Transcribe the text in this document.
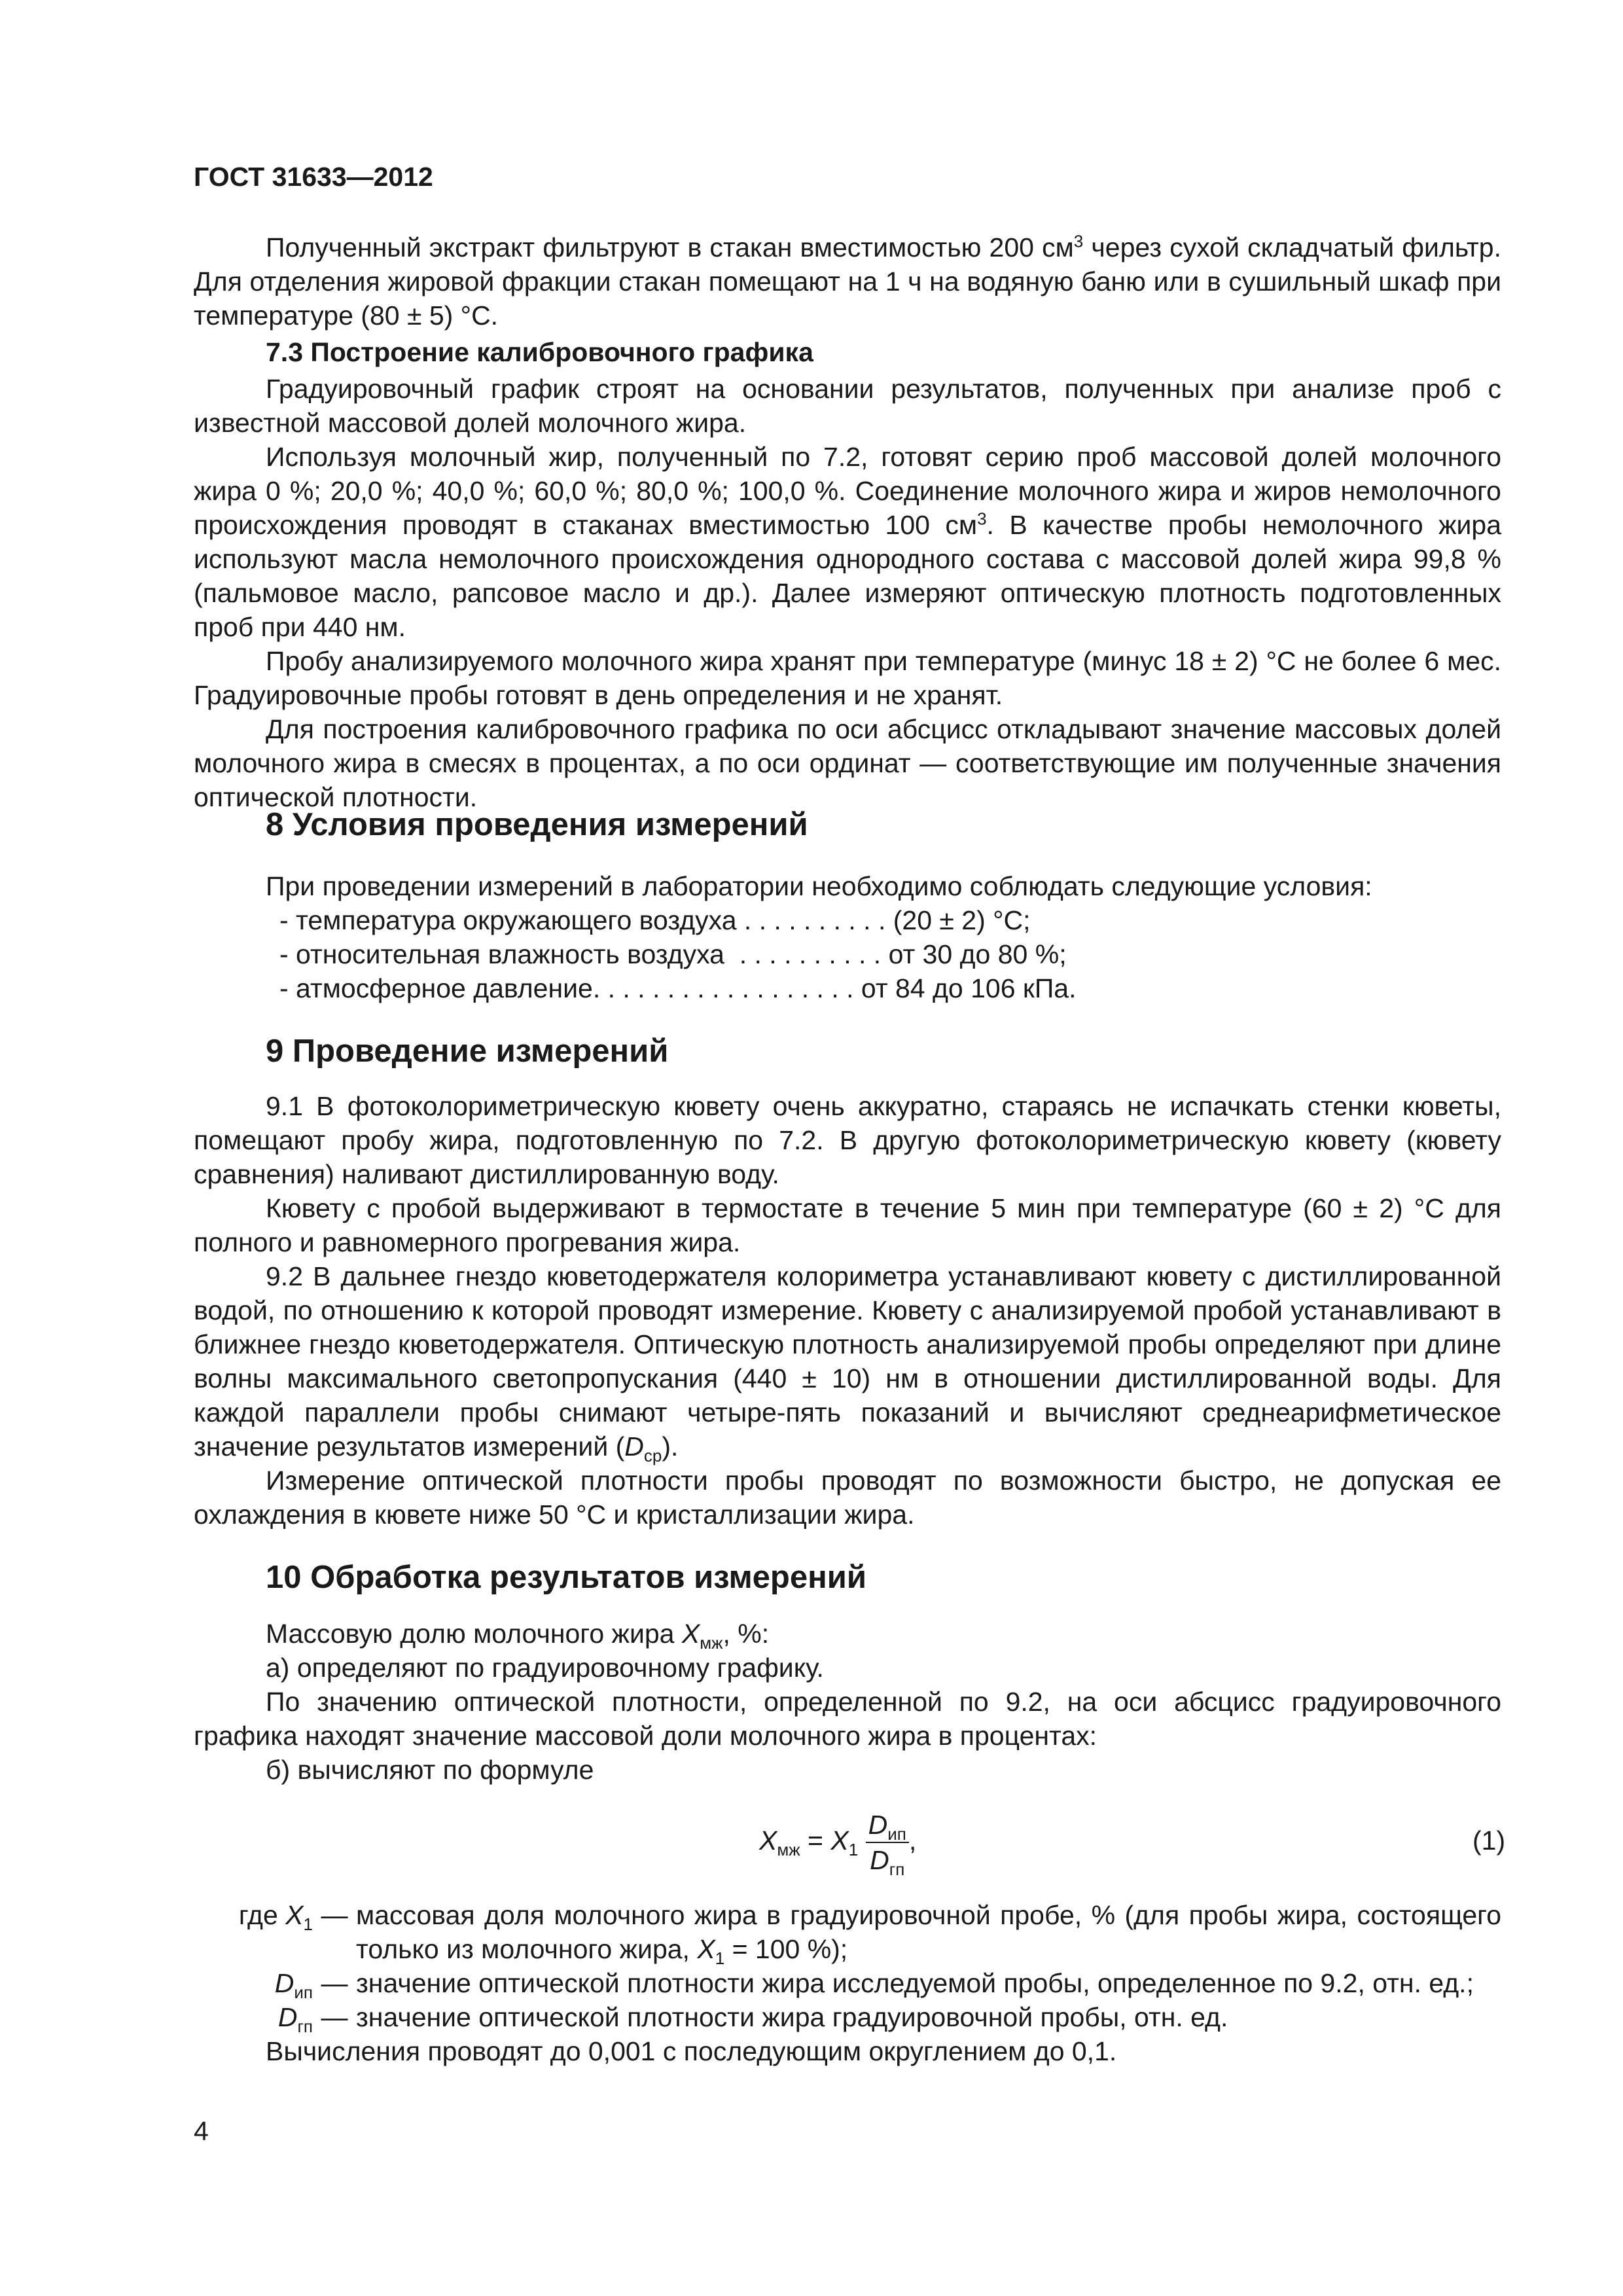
ГОСТ 31633—2012

Полученный экстракт фильтруют в стакан вместимостью 200 $см^3$ через сухой складчатый фильтр. Для отделения жировой фракции стакан помещают на 1 ч на водяную баню или в сушильный шкаф при температуре (80 ± 5) °С.

7.3 Построение калибровочного графика

Градуировочный график строят на основании результатов, полученных при анализе проб с известной массовой долей молочного жира.

Используя молочный жир, полученный по 7.2, готовят серию проб массовой долей молочного жира 0 %; 20,0 %; 40,0 %; 60,0 %; 80,0 %; 100,0 %. Соединение молочного жира и жиров немолочного происхождения проводят в стаканах вместимостью 100 $см^3$. В качестве пробы немолочного жира используют масла немолочного происхождения однородного состава с массовой долей жира 99,8 % (пальмовое масло, рапсовое масло и др.). Далее измеряют оптическую плотность подготовленных проб при 440 нм.

Пробу анализируемого молочного жира хранят при температуре (минус 18 ± 2) °С не более 6 мес. Градуировочные пробы готовят в день определения и не хранят.

Для построения калибровочного графика по оси абсцисс откладывают значение массовых долей молочного жира в смесях в процентах, а по оси ординат — соответствующие им полученные значения оптической плотности.

8 Условия проведения измерений

При проведении измерений в лаборатории необходимо соблюдать следующие условия:

- температура окружающего воздуха . . . . . . . . . . (20 ± 2) °С;
- относительная влажность воздуха . . . . . . . . . . от 30 до 80 %;
- атмосферное давление . . . . . . . . . . . . . . . . . . от 84 до 106 кПа.
9 Проведение измерений

9.1 В фотоколориметрическую кювету очень аккуратно, стараясь не испачкать стенки кюветы, помещают пробу жира, подготовленную по 7.2. В другую фотоколориметрическую кювету (кювету сравнения) наливают дистиллированную воду.

Кювету с пробой выдерживают в термостате в течение 5 мин при температуре (60 ± 2) °С для полного и равномерного прогревания жира.

9.2 В дальнее гнездо кюветодержателя колориметра устанавливают кювету с дистиллированной водой, по отношению к которой проводят измерение. Кювету с анализируемой пробой устанавливают в ближнее гнездо кюветодержателя. Оптическую плотность анализируемой пробы определяют при длине волны максимального светопропускания (440 ± 10) нм в отношении дистиллированной воды. Для каждой параллели пробы снимают четыре-пять показаний и вычисляют среднеарифметическое значение результатов измерений $(D_{ср})$.

Измерение оптической плотности пробы проводят по возможности быстро, не допуская ее охлаждения в кювете ниже 50 °С и кристаллизации жира.

10 Обработка результатов измерений

Массовую долю молочного жира $X_{мж}$, %:

а) определяют по градуировочному графику.

По значению оптической плотности, определенной по 9.2, на оси абсцисс градуировочного графика находят значение массовой доли молочного жира в процентах:

б) вычисляют по формуле

$X_{мж} = X_1 \frac{D_{ип}}{D_{гп}}$ ,	(1)
где $X_1$ — массовая доля молочного жира в градуировочной пробе, % (для пробы жира, состоящего только из молочного жира, $X_1 = 100$ %);
$D_{ип}$ — значение оптической плотности жира исследуемой пробы, определенное по 9.2, отн. ед.;
$D_{гп}$ — значение оптической плотности жира градуировочной пробы, отн. ед.

Вычисления проводят до 0,001 с последующим округлением до 0,1.

4
